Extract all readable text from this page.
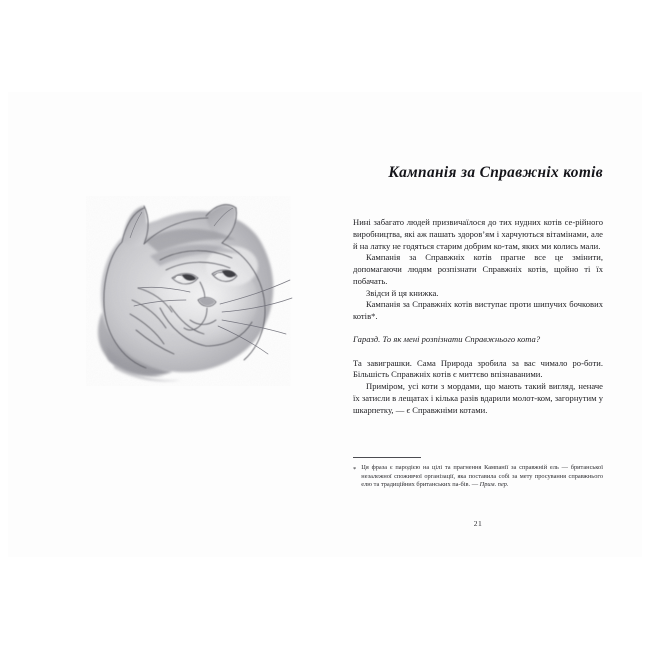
Кампанія за Справжніх котів

Нині забагато людей призвичаїлося до тих нудних котів се-рійного виробництва, які аж пашать здоров’ям і харчуються вітамінами, але й на латку не годяться старим добрим ко-там, яких ми колись мали.

Кампанія за Справжніх котів прагне все це змінити, допомагаючи людям розпізнати Справжніх котів, щойно ті їх побачать.

Звідси й ця книжка.

Кампанія за Справжніх котів виступає проти шипучих бочкових котів*.

Гаразд. То як мені розпізнати Справжнього кота?

Та завиграшки. Сама Природа зробила за вас чимало ро-боти. Більшість Справжніх котів є миттєво впізнаваними.

Приміром, усі коти з мордами, що мають такий вигляд, неначе їх затисли в лещатах і кілька разів вдарили молот-ком, загорнутим у шкарпетку, — є Справжніми котами.

* Ця фраза є пародією на цілі та прагнення Кампанії за справжній ель — британської незалежної споживчої організації, яка поставила собі за мету просування справжнього елю та традиційних британських па-бів. — Прим. пер.

21
